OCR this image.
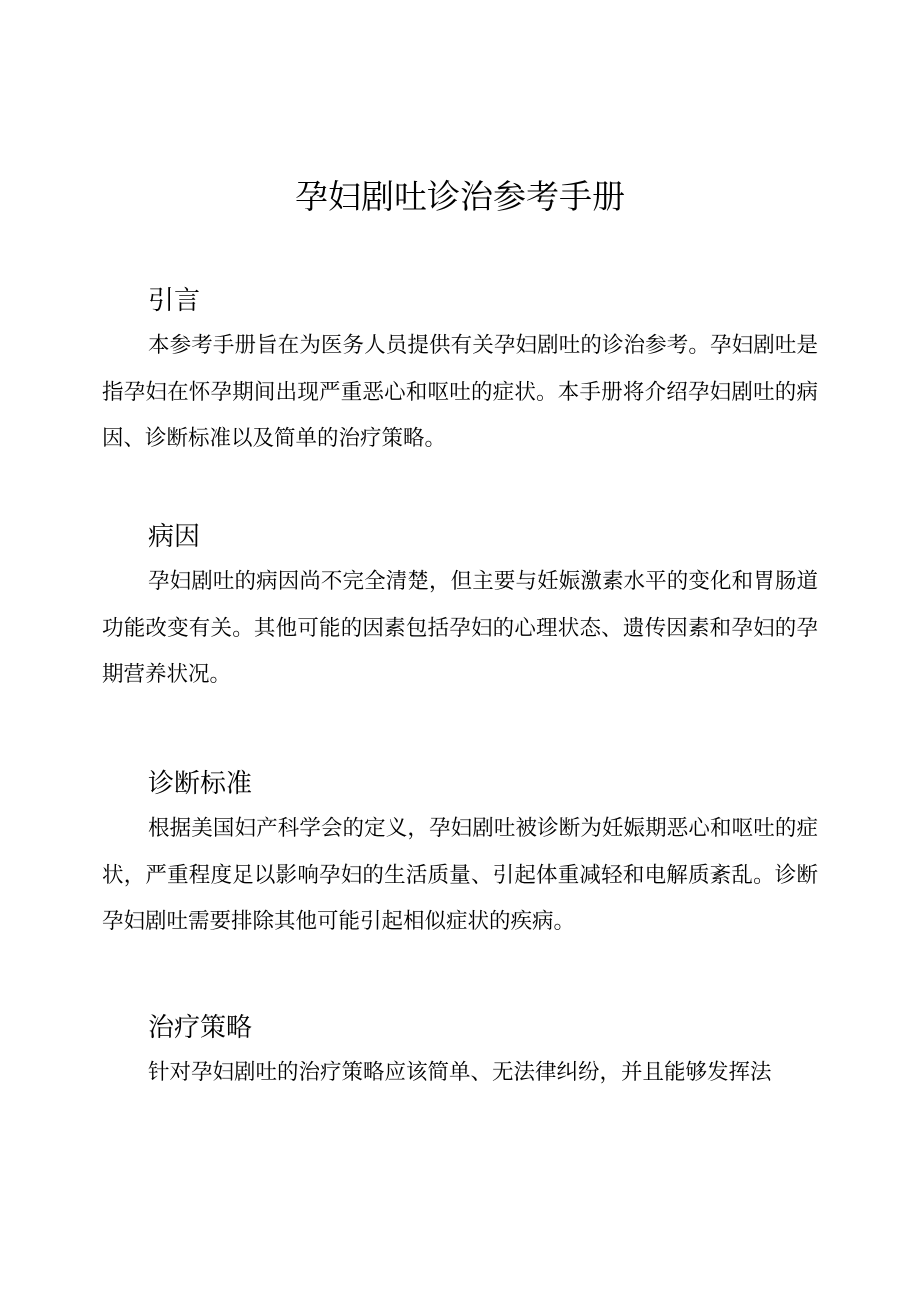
孕妇剧吐诊治参考手册
引言

本参考手册旨在为医务人员提供有关孕妇剧吐的诊治参考。孕妇剧吐是指孕妇在怀孕期间出现严重恶心和呕吐的症状。本手册将介绍孕妇剧吐的病因、诊断标准以及简单的治疗策略。

病因

孕妇剧吐的病因尚不完全清楚，但主要与妊娠激素水平的变化和胃肠道功能改变有关。其他可能的因素包括孕妇的心理状态、遗传因素和孕妇的孕期营养状况。

诊断标准

根据美国妇产科学会的定义，孕妇剧吐被诊断为妊娠期恶心和呕吐的症状，严重程度足以影响孕妇的生活质量、引起体重减轻和电解质紊乱。诊断孕妇剧吐需要排除其他可能引起相似症状的疾病。

治疗策略

针对孕妇剧吐的治疗策略应该简单、无法律纠纷，并且能够发挥法
